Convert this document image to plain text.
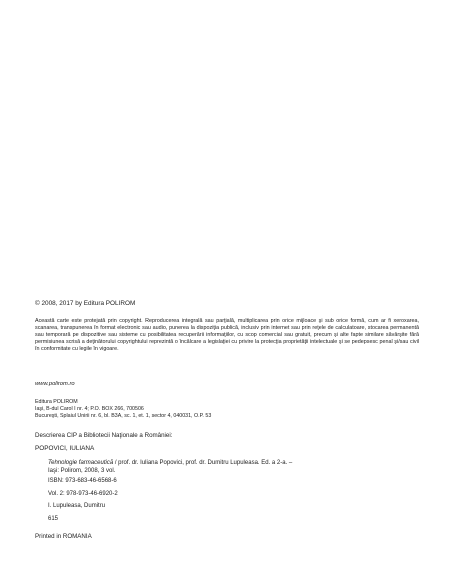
© 2008, 2017 by Editura POLIROM
Această carte este protejată prin copyright. Reproducerea integrală sau parţială, multiplicarea prin orice mijloace şi sub orice formă, cum ar fi xeroxarea, scanarea, transpunerea în format electronic sau audio, punerea la dispoziţia publică, inclusiv prin internet sau prin reţele de calculatoare, stocarea permanentă sau temporară pe dispozitive sau sisteme cu posibilitatea recuperării informaţiilor, cu scop comercial sau gratuit, precum şi alte fapte similare săvârşite fără permisiunea scrisă a deţinătorului copyrightului reprezintă o încălcare a legislaţiei cu privire la protecţia proprietăţii intelectuale şi se pedepsesc penal şi/sau civil în conformitate cu legile în vigoare.
www.polirom.ro
Editura POLIROM
Iaşi, B-dul Carol I nr. 4; P.O. BOX 266, 700506
Bucureşti, Splaiul Unirii nr. 6, bl. B3A, sc. 1, et. 1, sector 4, 040031, O.P. 53
Descrierea CIP a Bibliotecii Naţionale a României:
POPOVICI, IULIANA
Tehnologie farmaceutică / prof. dr. Iuliana Popovici, prof. dr. Dumitru Lupuleasa. Ed. a 2-a. –
Iaşi: Polirom, 2008, 3 vol.
ISBN: 973-683-46-6568-6
Vol. 2: 978-973-46-6920-2
I. Lupuleasa, Dumitru
615
Printed in ROMANIA
